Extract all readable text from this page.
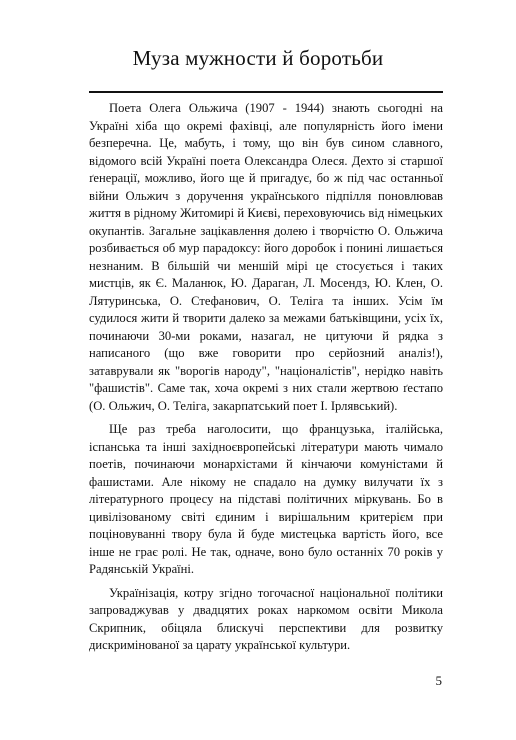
Муза мужности й боротьби

Поета Олега Ольжича (1907 - 1944) знають сьогодні на Україні хіба що окремі фахівці, але популярність його імени безперечна. Це, мабуть, і тому, що він був сином славного, відомого всій Україні поета Олександра Олеся. Дехто зі старшої ґенерації, можливо, його ще й пригадує, бо ж під час останньої війни Ольжич з доручення українського підпілля поновлював життя в рідному Житомирі й Києві, переховуючись від німецьких окупантів. Загальне зацікавлення долею і творчістю О. Ольжича розбивається об мур парадоксу: його доробок і понині лишається незнаним. В більшій чи меншій мірі це стосується і таких мистців, як Є. Маланюк, Ю. Дараган, Л. Мосендз, Ю. Клен, О. Лятуринська, О. Стефанович, О. Теліга та інших. Усім їм судилося жити й творити далеко за межами батьківщини, усіх їх, починаючи 30-ми роками, назагал, не цитуючи й рядка з написаного (що вже говорити про серйозний аналіз!), затаврували як "ворогів народу", "націоналістів", нерідко навіть "фашистів". Саме так, хоча окремі з них стали жертвою ґестапо (О. Ольжич, О. Теліга, закарпатський поет І. Ірлявський).

Ще раз треба наголосити, що французька, італійська, іспанська та інші західноєвропейські літератури мають чимало поетів, починаючи монархістами й кінчаючи комуністами й фашистами. Але нікому не спадало на думку вилучати їх з літературного процесу на підставі політичних міркувань. Бо в цивілізованому світі єдиним і вирішальним критерієм при поціновуванні твору була й буде мистецька вартість його, все інше не грає ролі. Не так, одначе, воно було останніх 70 років у Радянській Україні.

Українізація, котру згідно тогочасної національної політики запроваджував у двадцятих роках наркомом освіти Микола Скрипник, обіцяла блискучі перспективи для розвитку дискримінованої за царату української культури.

5
